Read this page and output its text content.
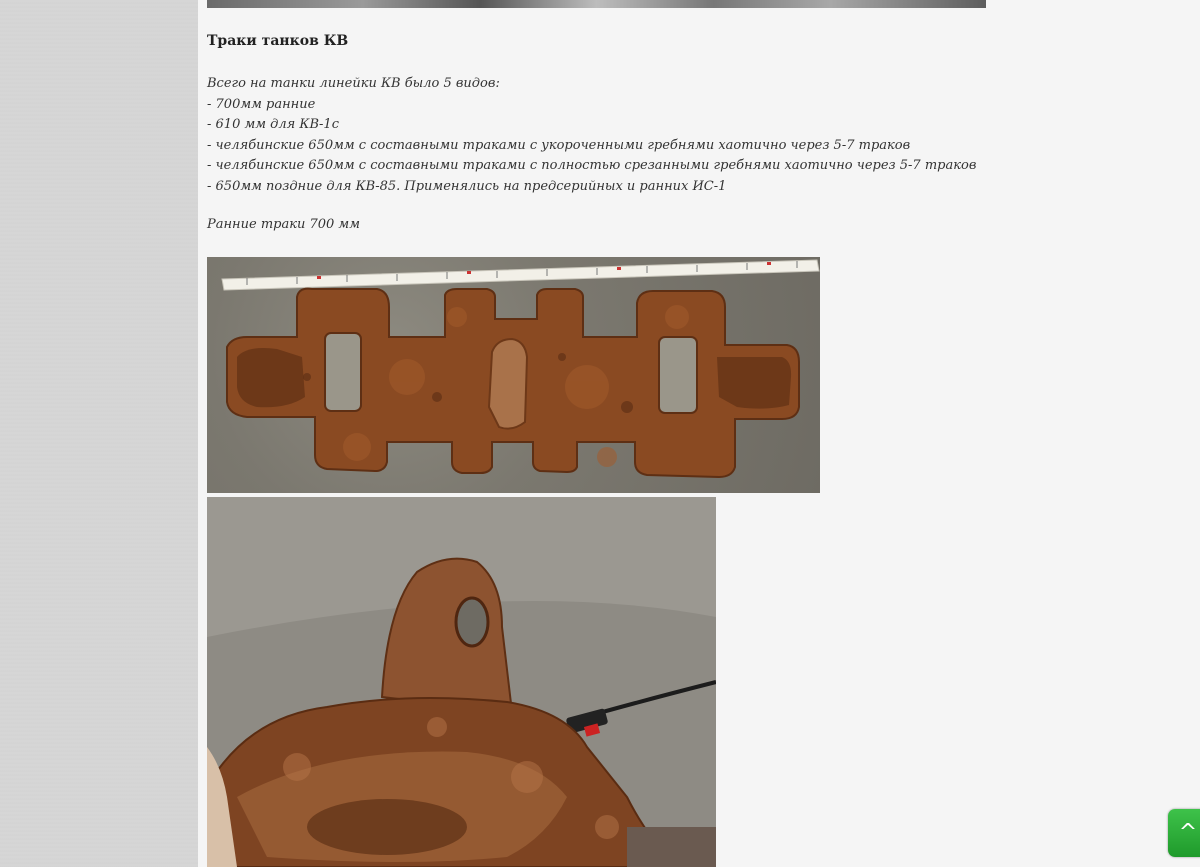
Траки танков КВ
Всего на танки линейки КВ было 5 видов:
- 700мм ранние
- 610 мм для КВ-1с
- челябинские 650мм с составными траками с укороченными гребнями хаотично через 5-7 траков
- челябинские 650мм с составными траками с полностью срезанными гребнями хаотично через 5-7 траков
- 650мм поздние для КВ-85. Применялись на предсерийных и ранних ИС-1
Ранние траки 700 мм
^
